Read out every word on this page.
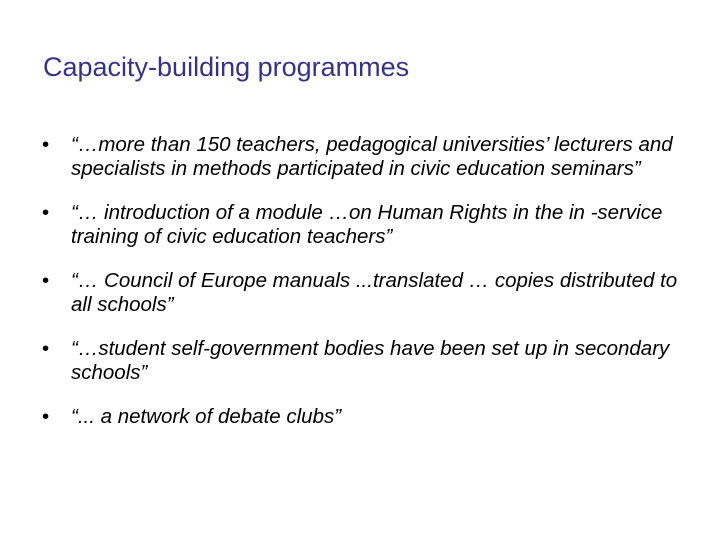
Capacity-building programmes
• “…more than 150 teachers, pedagogical universities’ lecturers and specialists in methods participated in civic education seminars”
• “… introduction of a module …on Human Rights in the in -service training of civic education teachers”
• “… Council of Europe manuals ...translated … copies distributed to all schools”
• “…student self-government bodies have been set up in secondary schools”
• “... a network of debate clubs”
